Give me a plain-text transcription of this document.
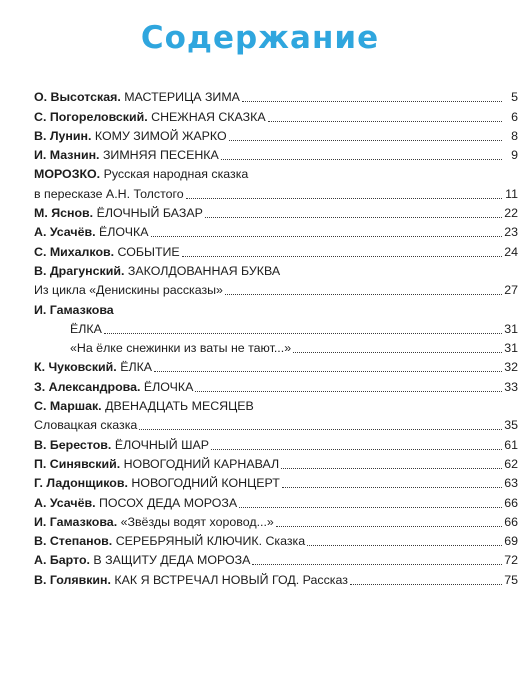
Содержание
О. Высотская. МАСТЕРИЦА ЗИМА	5
С. Погореловский. СНЕЖНАЯ СКАЗКА	6
В. Лунин. КОМУ ЗИМОЙ ЖАРКО	8
И. Мазнин. ЗИМНЯЯ ПЕСЕНКА	9
МОРОЗКО. Русская народная сказка
в пересказе А.Н. Толстого	11
М. Яснов. ЁЛОЧНЫЙ БАЗАР	22
А. Усачёв. ЁЛОЧКА	23
С. Михалков. СОБЫТИЕ	24
В. Драгунский. ЗАКОЛДОВАННАЯ БУКВА
Из цикла «Денискины рассказы»	27
И. Гамазкова
ЁЛКА	31
«На ёлке снежинки из ваты не тают...»	31
К. Чуковский. ЁЛКА	32
З. Александрова. ЁЛОЧКА	33
С. Маршак. ДВЕНАДЦАТЬ МЕСЯЦЕВ
Словацкая сказка	35
В. Берестов. ЁЛОЧНЫЙ ШАР	61
П. Синявский. НОВОГОДНИЙ КАРНАВАЛ	62
Г. Ладонщиков. НОВОГОДНИЙ КОНЦЕРТ	63
А. Усачёв. ПОСОХ ДЕДА МОРОЗА	66
И. Гамазкова. «Звёзды водят хоровод...»	66
В. Степанов. СЕРЕБРЯНЫЙ КЛЮЧИК. Сказка	69
А. Барто. В ЗАЩИТУ ДЕДА МОРОЗА	72
В. Голявкин. КАК Я ВСТРЕЧАЛ НОВЫЙ ГОД. Рассказ	75
